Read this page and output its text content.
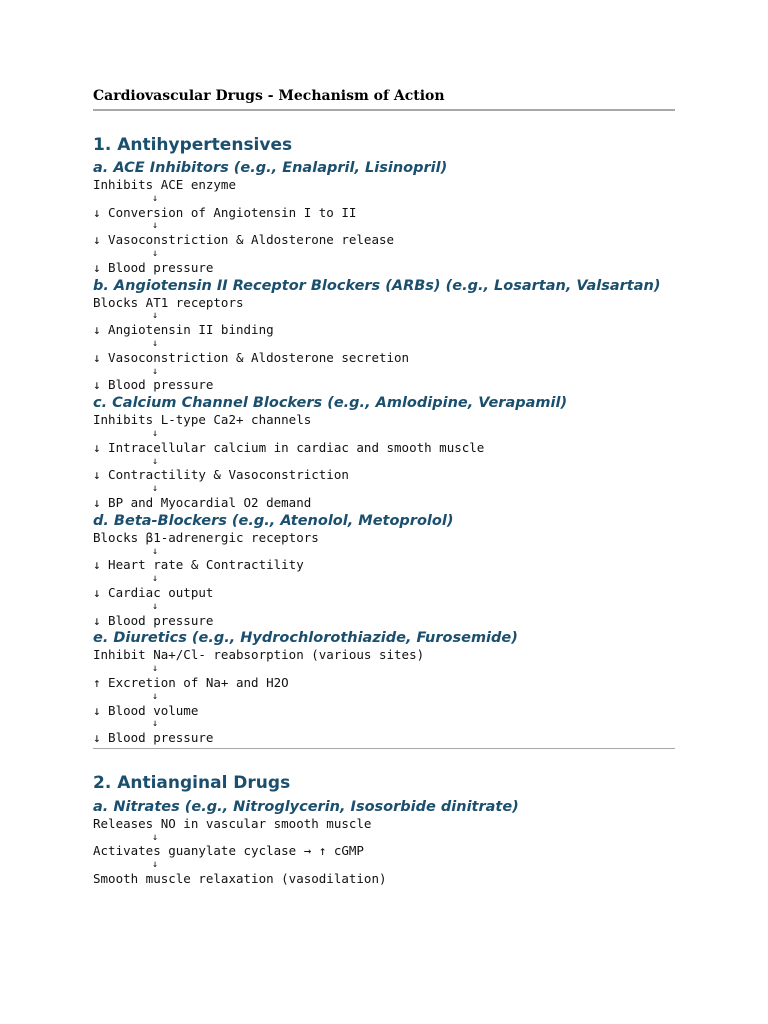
Cardiovascular Drugs - Mechanism of Action
1. Antihypertensives
a. ACE Inhibitors (e.g., Enalapril, Lisinopril)
Inhibits ACE enzyme
↓
↓ Conversion of Angiotensin I to II
↓
↓ Vasoconstriction & Aldosterone release
↓
↓ Blood pressure
b. Angiotensin II Receptor Blockers (ARBs) (e.g., Losartan, Valsartan)
Blocks AT1 receptors
↓
↓ Angiotensin II binding
↓
↓ Vasoconstriction & Aldosterone secretion
↓
↓ Blood pressure
c. Calcium Channel Blockers (e.g., Amlodipine, Verapamil)
Inhibits L-type Ca2+ channels
↓
↓ Intracellular calcium in cardiac and smooth muscle
↓
↓ Contractility & Vasoconstriction
↓
↓ BP and Myocardial O2 demand
d. Beta-Blockers (e.g., Atenolol, Metoprolol)
Blocks β1-adrenergic receptors
↓
↓ Heart rate & Contractility
↓
↓ Cardiac output
↓
↓ Blood pressure
e. Diuretics (e.g., Hydrochlorothiazide, Furosemide)
Inhibit Na+/Cl- reabsorption (various sites)
↓
↑ Excretion of Na+ and H2O
↓
↓ Blood volume
↓
↓ Blood pressure
2. Antianginal Drugs
a. Nitrates (e.g., Nitroglycerin, Isosorbide dinitrate)
Releases NO in vascular smooth muscle
↓
Activates guanylate cyclase → ↑ cGMP
↓
Smooth muscle relaxation (vasodilation)
